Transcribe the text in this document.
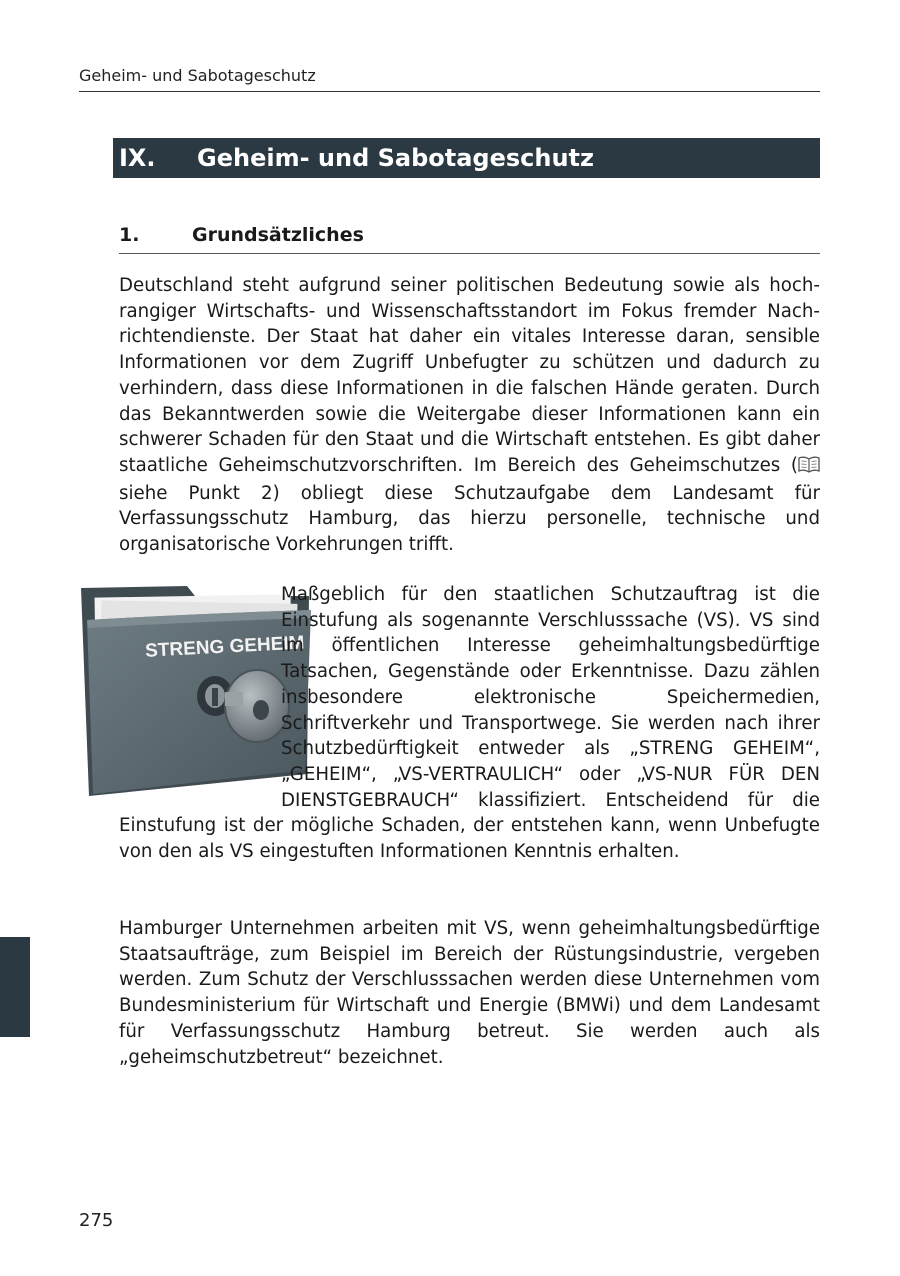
Geheim- und Sabotageschutz
IX. Geheim- und Sabotageschutz
1.	Grundsätzliches

Deutschland steht aufgrund seiner politischen Bedeutung sowie als hochrangiger Wirtschafts- und Wissenschaftsstandort im Fokus fremder Nachrichtendienste. Der Staat hat daher ein vitales Interesse daran, sensible Informationen vor dem Zugriff Unbefugter zu schützen und dadurch zu verhindern, dass diese Informationen in die falschen Hände geraten. Durch das Bekanntwerden sowie die Weitergabe dieser Informationen kann ein schwerer Schaden für den Staat und die Wirtschaft entstehen. Es gibt daher staatliche Geheimschutzvorschriften. Im Bereich des Geheimschutzes ( siehe Punkt 2) obliegt diese Schutzaufgabe dem Landesamt für Verfassungsschutz Hamburg, das hierzu personelle, technische und organisatorische Vorkehrungen trifft.

STRENG GEHEIM

Maßgeblich für den staatlichen Schutzauftrag ist die Einstufung als sogenannte Verschlusssache (VS). VS sind im öffentlichen Interesse geheimhaltungsbedürftige Tatsachen, Gegenstände oder Erkenntnisse. Dazu zählen insbesondere elektronische Speichermedien, Schriftverkehr und Transportwege. Sie werden nach ihrer Schutzbedürftigkeit entweder als „STRENG GEHEIM“, „GEHEIM“, „VS-VERTRAULICH“ oder „VS-NUR FÜR DEN DIENSTGEBRAUCH“ klassifiziert. Entscheidend für die Einstufung ist der mögliche Schaden, der entstehen kann, wenn Unbefugte von den als VS eingestuften Informationen Kenntnis erhalten.

Hamburger Unternehmen arbeiten mit VS, wenn geheimhaltungsbedürftige Staatsaufträge, zum Beispiel im Bereich der Rüstungsindustrie, vergeben werden. Zum Schutz der Verschlusssachen werden diese Unternehmen vom Bundesministerium für Wirtschaft und Energie (BMWi) und dem Landesamt für Verfassungsschutz Hamburg betreut. Sie werden auch als „geheimschutzbetreut“ bezeichnet.

275
